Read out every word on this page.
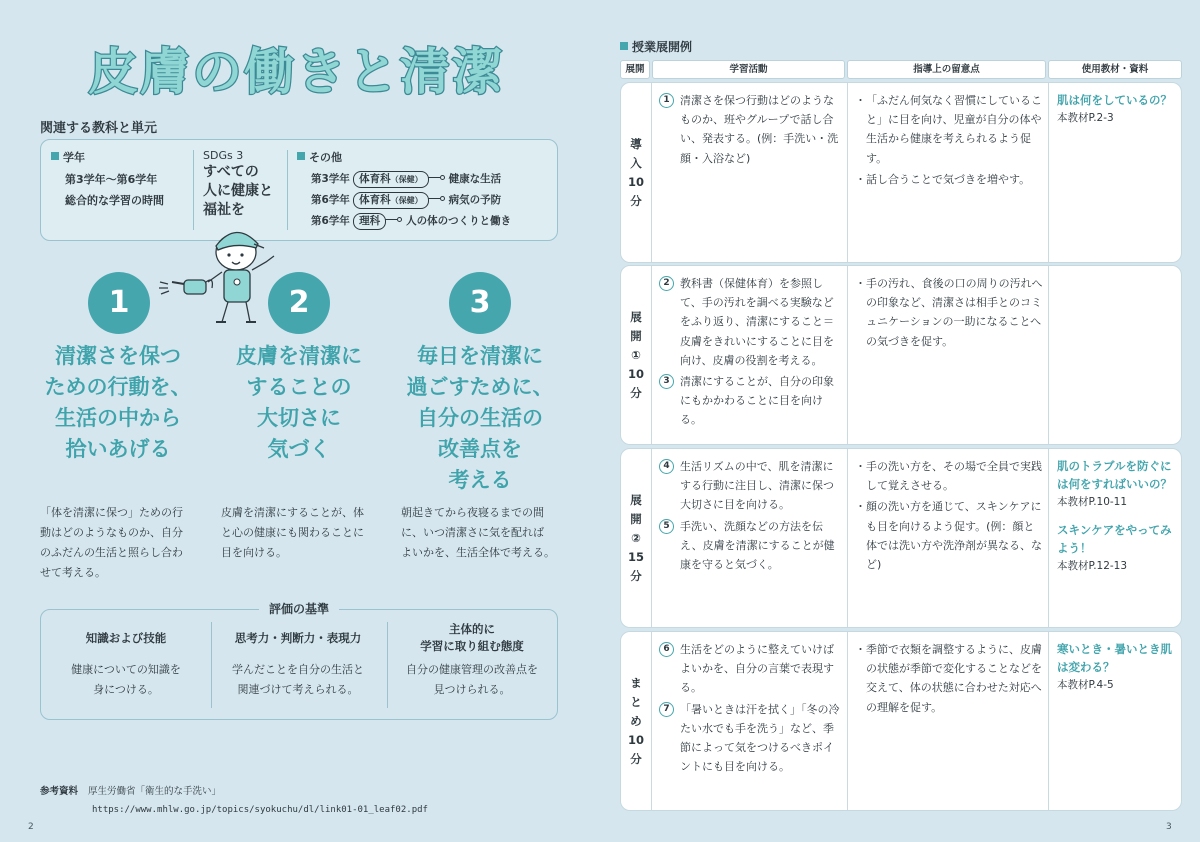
皮膚の働きと清潔
関連する教科と単元
学年
第3学年～第6学年
総合的な学習の時間
SDGs 3
すべての
人に健康と
福祉を
その他
第3学年 体育科（保健） 健康な生活
第6学年 体育科（保健） 病気の予防
第6学年 理科 人の体のつくりと働き
1	2	3
清潔さを保つ
ための行動を、
生活の中から
拾いあげる
皮膚を清潔に
することの
大切さに
気づく
毎日を清潔に
過ごすために、
自分の生活の
改善点を
考える
「体を清潔に保つ」ための行
動はどのようなものか、自分
のふだんの生活と照らし合わ
せて考える。
皮膚を清潔にすることが、体
と心の健康にも関わることに
目を向ける。
朝起きてから夜寝るまでの間
に、いつ清潔さに気を配れば
よいかを、生活全体で考える。
評価の基準
知識および技能
健康についての知識を
身につける。
思考力・判断力・表現力
学んだことを自分の生活と
関連づけて考えられる。
主体的に
学習に取り組む態度
自分の健康管理の改善点を
見つけられる。
参考資料 厚生労働省「衛生的な手洗い」
https://www.mhlw.go.jp/topics/syokuchu/dl/link01-01_leaf02.pdf
2
授業展開例
展開	学習活動	指導上の留意点	使用教材・資料
導入10分
1 清潔さを保つ行動はどのようなものか、班やグループで話し合い、発表する。(例：手洗い・洗顔・入浴など)
・ 「ふだん何気なく習慣にしていること」に目を向け、児童が自分の体や生活から健康を考えられるよう促す。
・ 話し合うことで気づきを増やす。
肌は何をしているの？
本教材P.2-3
展開①10分
2 教科書（保健体育）を参照して、手の汚れを調べる実験などをふり返り、清潔にすること＝皮膚をきれいにすることに目を向け、皮膚の役割を考える。
3 清潔にすることが、自分の印象にもかかわることに目を向ける。
・ 手の汚れ、食後の口の周りの汚れへの印象など、清潔さは相手とのコミュニケーションの一助になることへの気づきを促す。
展開②15分
4 生活リズムの中で、肌を清潔にする行動に注目し、清潔に保つ大切さに目を向ける。
5 手洗い、洗顔などの方法を伝え、皮膚を清潔にすることが健康を守ると気づく。
・ 手の洗い方を、その場で全員で実践して覚えさせる。
・ 顔の洗い方を通じて、スキンケアにも目を向けるよう促す。(例：顔と体では洗い方や洗浄剤が異なる、など)
肌のトラブルを防ぐには何をすればいいの？
本教材P.10-11
スキンケアをやってみよう！
本教材P.12-13
まとめ10分
6 生活をどのように整えていけばよいかを、自分の言葉で表現する。
7 「暑いときは汗を拭く」「冬の冷たい水でも手を洗う」など、季節によって気をつけるべきポイントにも目を向ける。
・ 季節で衣類を調整するように、皮膚の状態が季節で変化することなどを交えて、体の状態に合わせた対応への理解を促す。
寒いとき・暑いとき肌は変わる？
本教材P.4-5
3
